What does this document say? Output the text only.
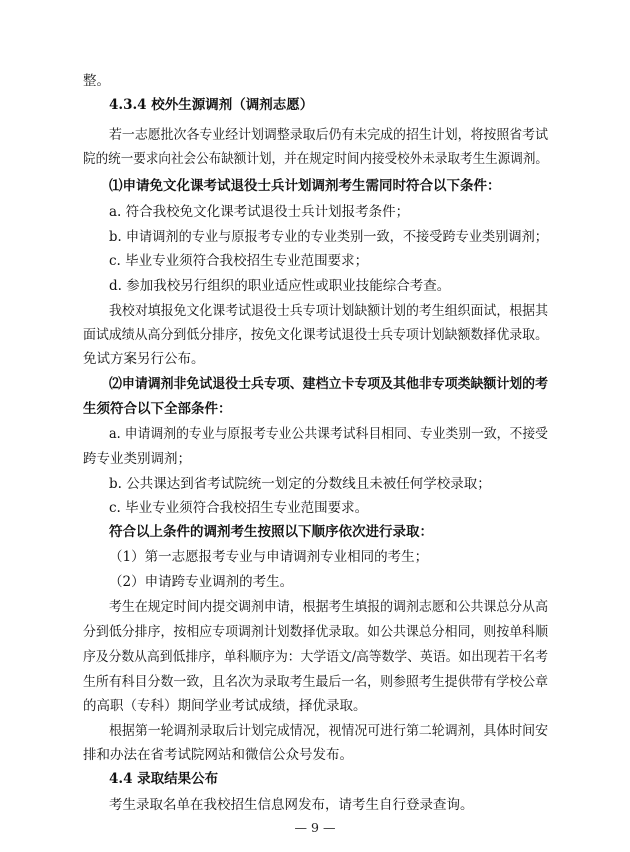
整。
4.3.4 校外生源调剂（调剂志愿）
若一志愿批次各专业经计划调整录取后仍有未完成的招生计划，将按照省考试
院的统一要求向社会公布缺额计划，并在规定时间内接受校外未录取考生生源调剂。
⑴申请免文化课考试退役士兵计划调剂考生需同时符合以下条件：
a. 符合我校免文化课考试退役士兵计划报考条件；
b. 申请调剂的专业与原报考专业的专业类别一致，不接受跨专业类别调剂；
c. 毕业专业须符合我校招生专业范围要求；
d. 参加我校另行组织的职业适应性或职业技能综合考查。
我校对填报免文化课考试退役士兵专项计划缺额计划的考生组织面试，根据其
面试成绩从高分到低分排序，按免文化课考试退役士兵专项计划缺额数择优录取。
免试方案另行公布。
⑵申请调剂非免试退役士兵专项、建档立卡专项及其他非专项类缺额计划的考
生须符合以下全部条件：
a. 申请调剂的专业与原报考专业公共课考试科目相同、专业类别一致，不接受
跨专业类别调剂；
b. 公共课达到省考试院统一划定的分数线且未被任何学校录取；
c. 毕业专业须符合我校招生专业范围要求。
符合以上条件的调剂考生按照以下顺序依次进行录取：
（1）第一志愿报考专业与申请调剂专业相同的考生；
（2）申请跨专业调剂的考生。
考生在规定时间内提交调剂申请，根据考生填报的调剂志愿和公共课总分从高
分到低分排序，按相应专项调剂计划数择优录取。如公共课总分相同，则按单科顺
序及分数从高到低排序，单科顺序为：大学语文/高等数学、英语。如出现若干名考
生所有科目分数一致，且名次为录取考生最后一名，则参照考生提供带有学校公章
的高职（专科）期间学业考试成绩，择优录取。
根据第一轮调剂录取后计划完成情况，视情况可进行第二轮调剂，具体时间安
排和办法在省考试院网站和微信公众号发布。
4.4 录取结果公布
考生录取名单在我校招生信息网发布，请考生自行登录查询。
— 9 —
